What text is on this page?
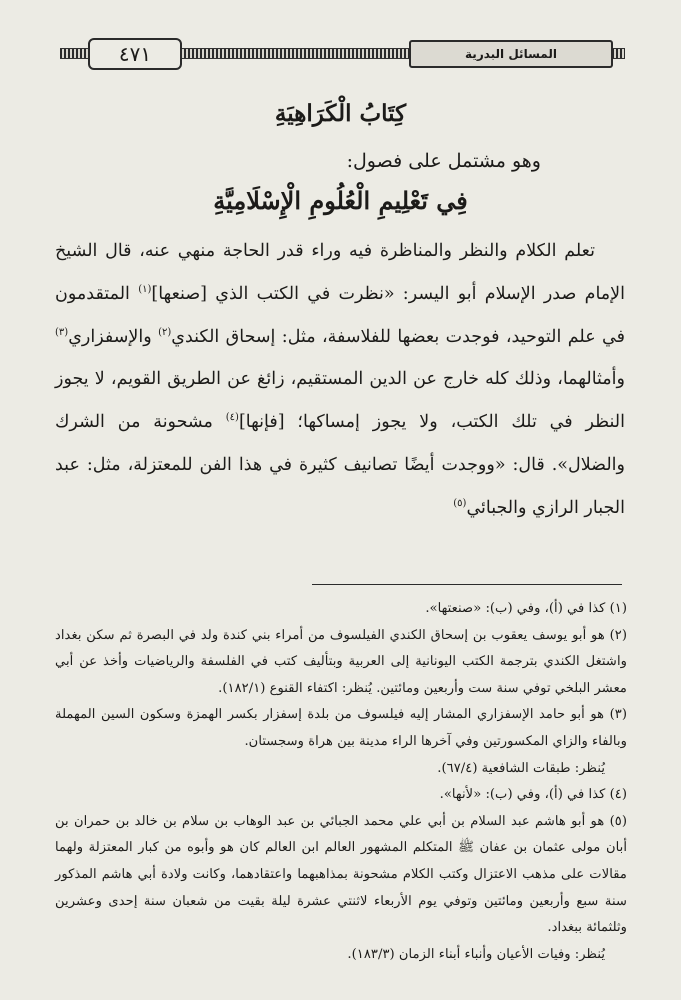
المسائل البدرية
٤٧١
كِتَابُ الْكَرَاهِيَةِ
وهو مشتمل على فصول:
فِي تَعْلِيمِ الْعُلُومِ الْإِسْلَامِيَّةِ

تعلم الكلام والنظر والمناظرة فيه وراء قدر الحاجة منهي عنه، قال الشيخ الإمام صدر الإسلام أبو اليسر: «نظرت في الكتب الذي [صنعها]$^{(١)}$ المتقدمون في علم التوحيد، فوجدت بعضها للفلاسفة، مثل: إسحاق الكندي$^{(٢)}$ والإسفزاري$^{(٣)}$ وأمثالهما، وذلك كله خارج عن الدين المستقيم، زائغ عن الطريق القويم، لا يجوز النظر في تلك الكتب، ولا يجوز إمساكها؛ [فإنها]$^{(٤)}$ مشحونة من الشرك والضلال». قال: «ووجدت أيضًا تصانيف كثيرة في هذا الفن للمعتزلة، مثل: عبد الجبار الرازي والجبائي$^{(٥)}$

(١) كذا في (أ)، وفي (ب): «صنعتها».

(٢) هو أبو يوسف يعقوب بن إسحاق الكندي الفيلسوف من أمراء بني كندة ولد في البصرة ثم سكن بغداد واشتغل الكندي بترجمة الكتب اليونانية إلى العربية وبتأليف كتب في الفلسفة والرياضيات وأخذ عن أبي معشر البلخي توفي سنة ست وأربعين ومائتين. يُنظر: اكتفاء القنوع (١٨٢/١).

(٣) هو أبو حامد الإسفزاري المشار إليه فيلسوف من بلدة إسفزار بكسر الهمزة وسكون السين المهملة وبالفاء والزاي المكسورتين وفي آخرها الراء مدينة بين هراة وسجستان.

يُنظر: طبقات الشافعية (٦٧/٤).

(٤) كذا في (أ)، وفي (ب): «لأنها».

(٥) هو أبو هاشم عبد السلام بن أبي علي محمد الجبائي بن عبد الوهاب بن سلام بن خالد بن حمران بن أبان مولى عثمان بن عفان ﷺ المتكلم المشهور العالم ابن العالم كان هو وأبوه من كبار المعتزلة ولهما مقالات على مذهب الاعتزال وكتب الكلام مشحونة بمذاهبهما واعتقادهما، وكانت ولادة أبي هاشم المذكور سنة سبع وأربعين ومائتين وتوفي يوم الأربعاء لاثنتي عشرة ليلة بقيت من شعبان سنة إحدى وعشرين وثلثمائة ببغداد.

يُنظر: وفيات الأعيان وأنباء أبناء الزمان (١٨٣/٣).
